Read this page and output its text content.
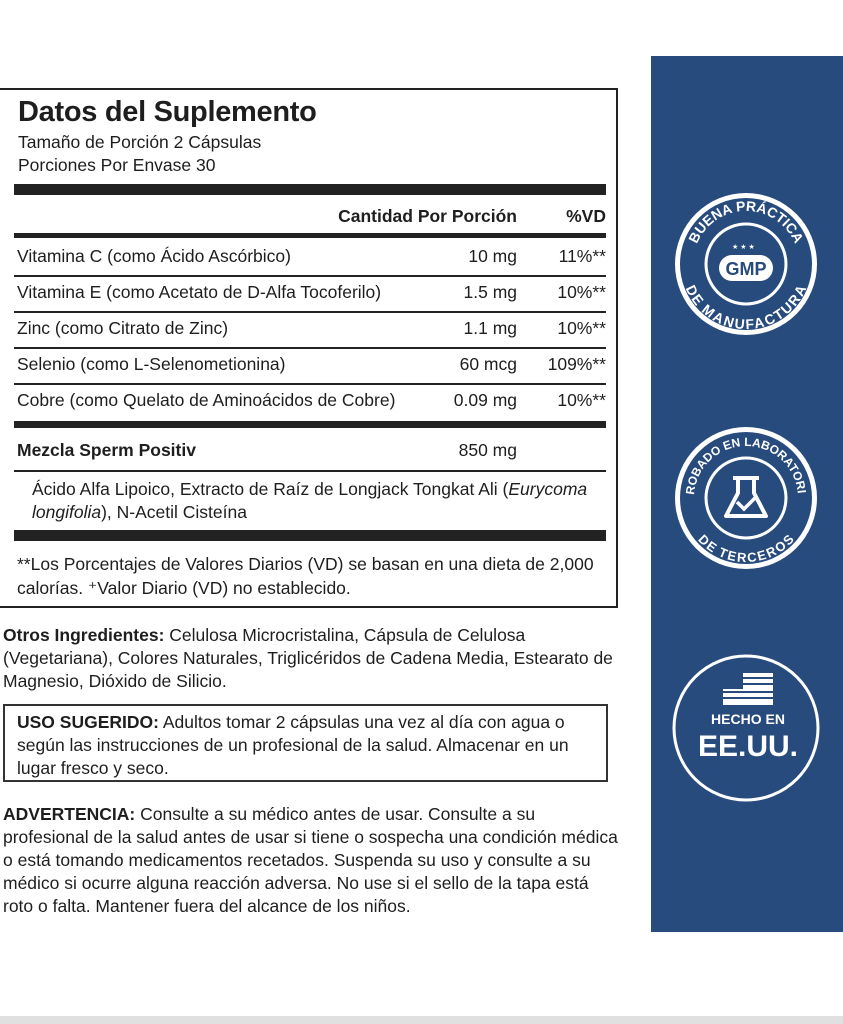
Datos del Suplemento
Tamaño de Porción 2 Cápsulas
Porciones Por Envase 30
Cantidad Por Porción	%VD
Vitamina C (como Ácido Ascórbico)	10 mg 11%**
Vitamina E (como Acetato de D-Alfa Tocoferilo)	1.5 mg 10%**
Zinc (como Citrato de Zinc)	1.1 mg 10%**
Selenio (como L-Selenometionina)	60 mcg 109%**
Cobre (como Quelato de Aminoácidos de Cobre)	0.09 mg 10%**
Mezcla Sperm Positiv	850 mg
Ácido Alfa Lipoico, Extracto de Raíz de Longjack Tongkat Ali (Eurycoma longifolia), N-Acetil Cisteína
**Los Porcentajes de Valores Diarios (VD) se basan en una dieta de 2,000 calorías. ⁺Valor Diario (VD) no establecido.
Otros Ingredientes: Celulosa Microcristalina, Cápsula de Celulosa (Vegetariana), Colores Naturales, Triglicéridos de Cadena Media, Estearato de Magnesio, Dióxido de Silicio.
USO SUGERIDO: Adultos tomar 2 cápsulas una vez al día con agua o según las instrucciones de un profesional de la salud. Almacenar en un lugar fresco y seco.
ADVERTENCIA: Consulte a su médico antes de usar. Consulte a su profesional de la salud antes de usar si tiene o sospecha una condición médica o está tomando medicamentos recetados. Suspenda su uso y consulte a su médico si ocurre alguna reacción adversa. No use si el sello de la tapa está roto o falta. Mantener fuera del alcance de los niños.
BUENA PRÁCTICA
DE MANUFACTURA
★ ★ ★
GMP
ROBADO EN LABORATORI
DE TERCEROS
HECHO EN
EE.UU.
